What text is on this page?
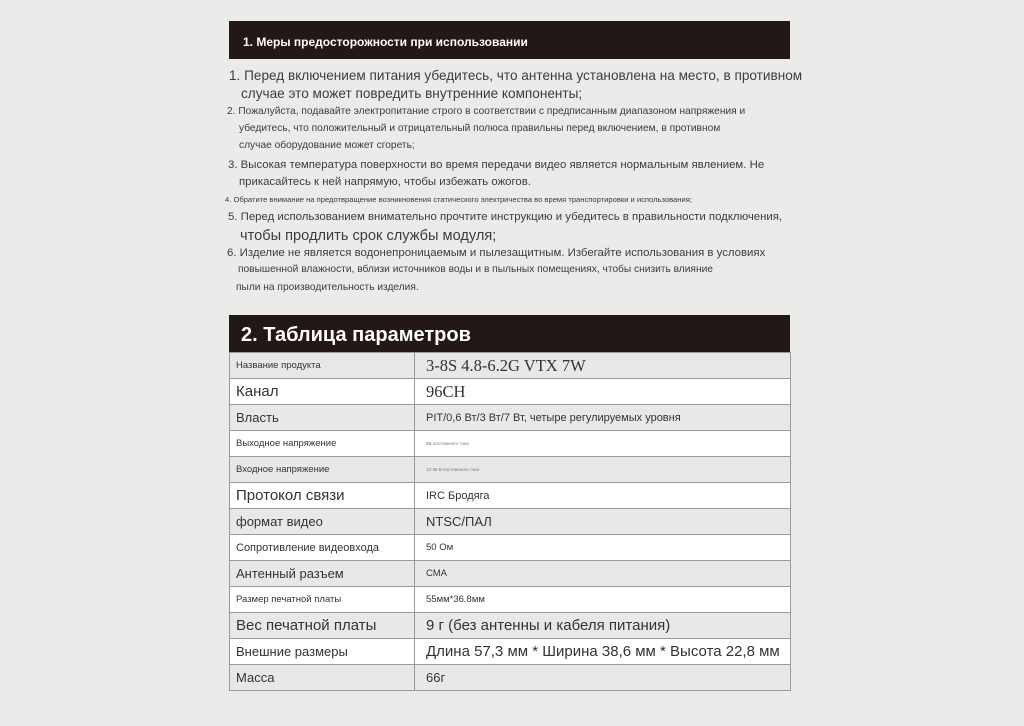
1. Меры предосторожности при использовании
1. Перед включением питания убедитесь, что антенна установлена на место, в противном
случае это может повредить внутренние компоненты;
2. Пожалуйста, подавайте электропитание строго в соответствии с предписанным диапазоном напряжения и
убедитесь, что положительный и отрицательный полюса правильны перед включением, в противном
случае оборудование может сгореть;
3. Высокая температура поверхности во время передачи видео является нормальным явлением. Не
прикасайтесь к ней напрямую, чтобы избежать ожогов.
4. Обратите внимание на предотвращение возникновения статического электричества во время транспортировки и использования;
5. Перед использованием внимательно прочтите инструкцию и убедитесь в правильности подключения,
чтобы продлить срок службы модуля;
6. Изделие не является водонепроницаемым и пылезащитным. Избегайте использования в условиях
повышенной влажности, вблизи источников воды и в пыльных помещениях, чтобы снизить влияние
пыли на производительность изделия.
2. Таблица параметров
Название продукта	3-8S 4.8-6.2G VTX 7W
Канал	96CH
Власть	PIT/0,6 Вт/3 Вт/7 Вт, четыре регулируемых уровня
Выходное напряжение	5В постоянного тока
Входное напряжение	12-36 В постоянного тока
Протокол связи	IRC Бродяга
формат видео	NTSC/ПАЛ
Сопротивление видеовхода	50 Ом
Антенный разъем	СМА
Размер печатной платы	55мм*36.8мм
Вес печатной платы	9 г (без антенны и кабеля питания)
Внешние размеры	Длина 57,3 мм * Ширина 38,6 мм * Высота 22,8 мм
Масса	66г
